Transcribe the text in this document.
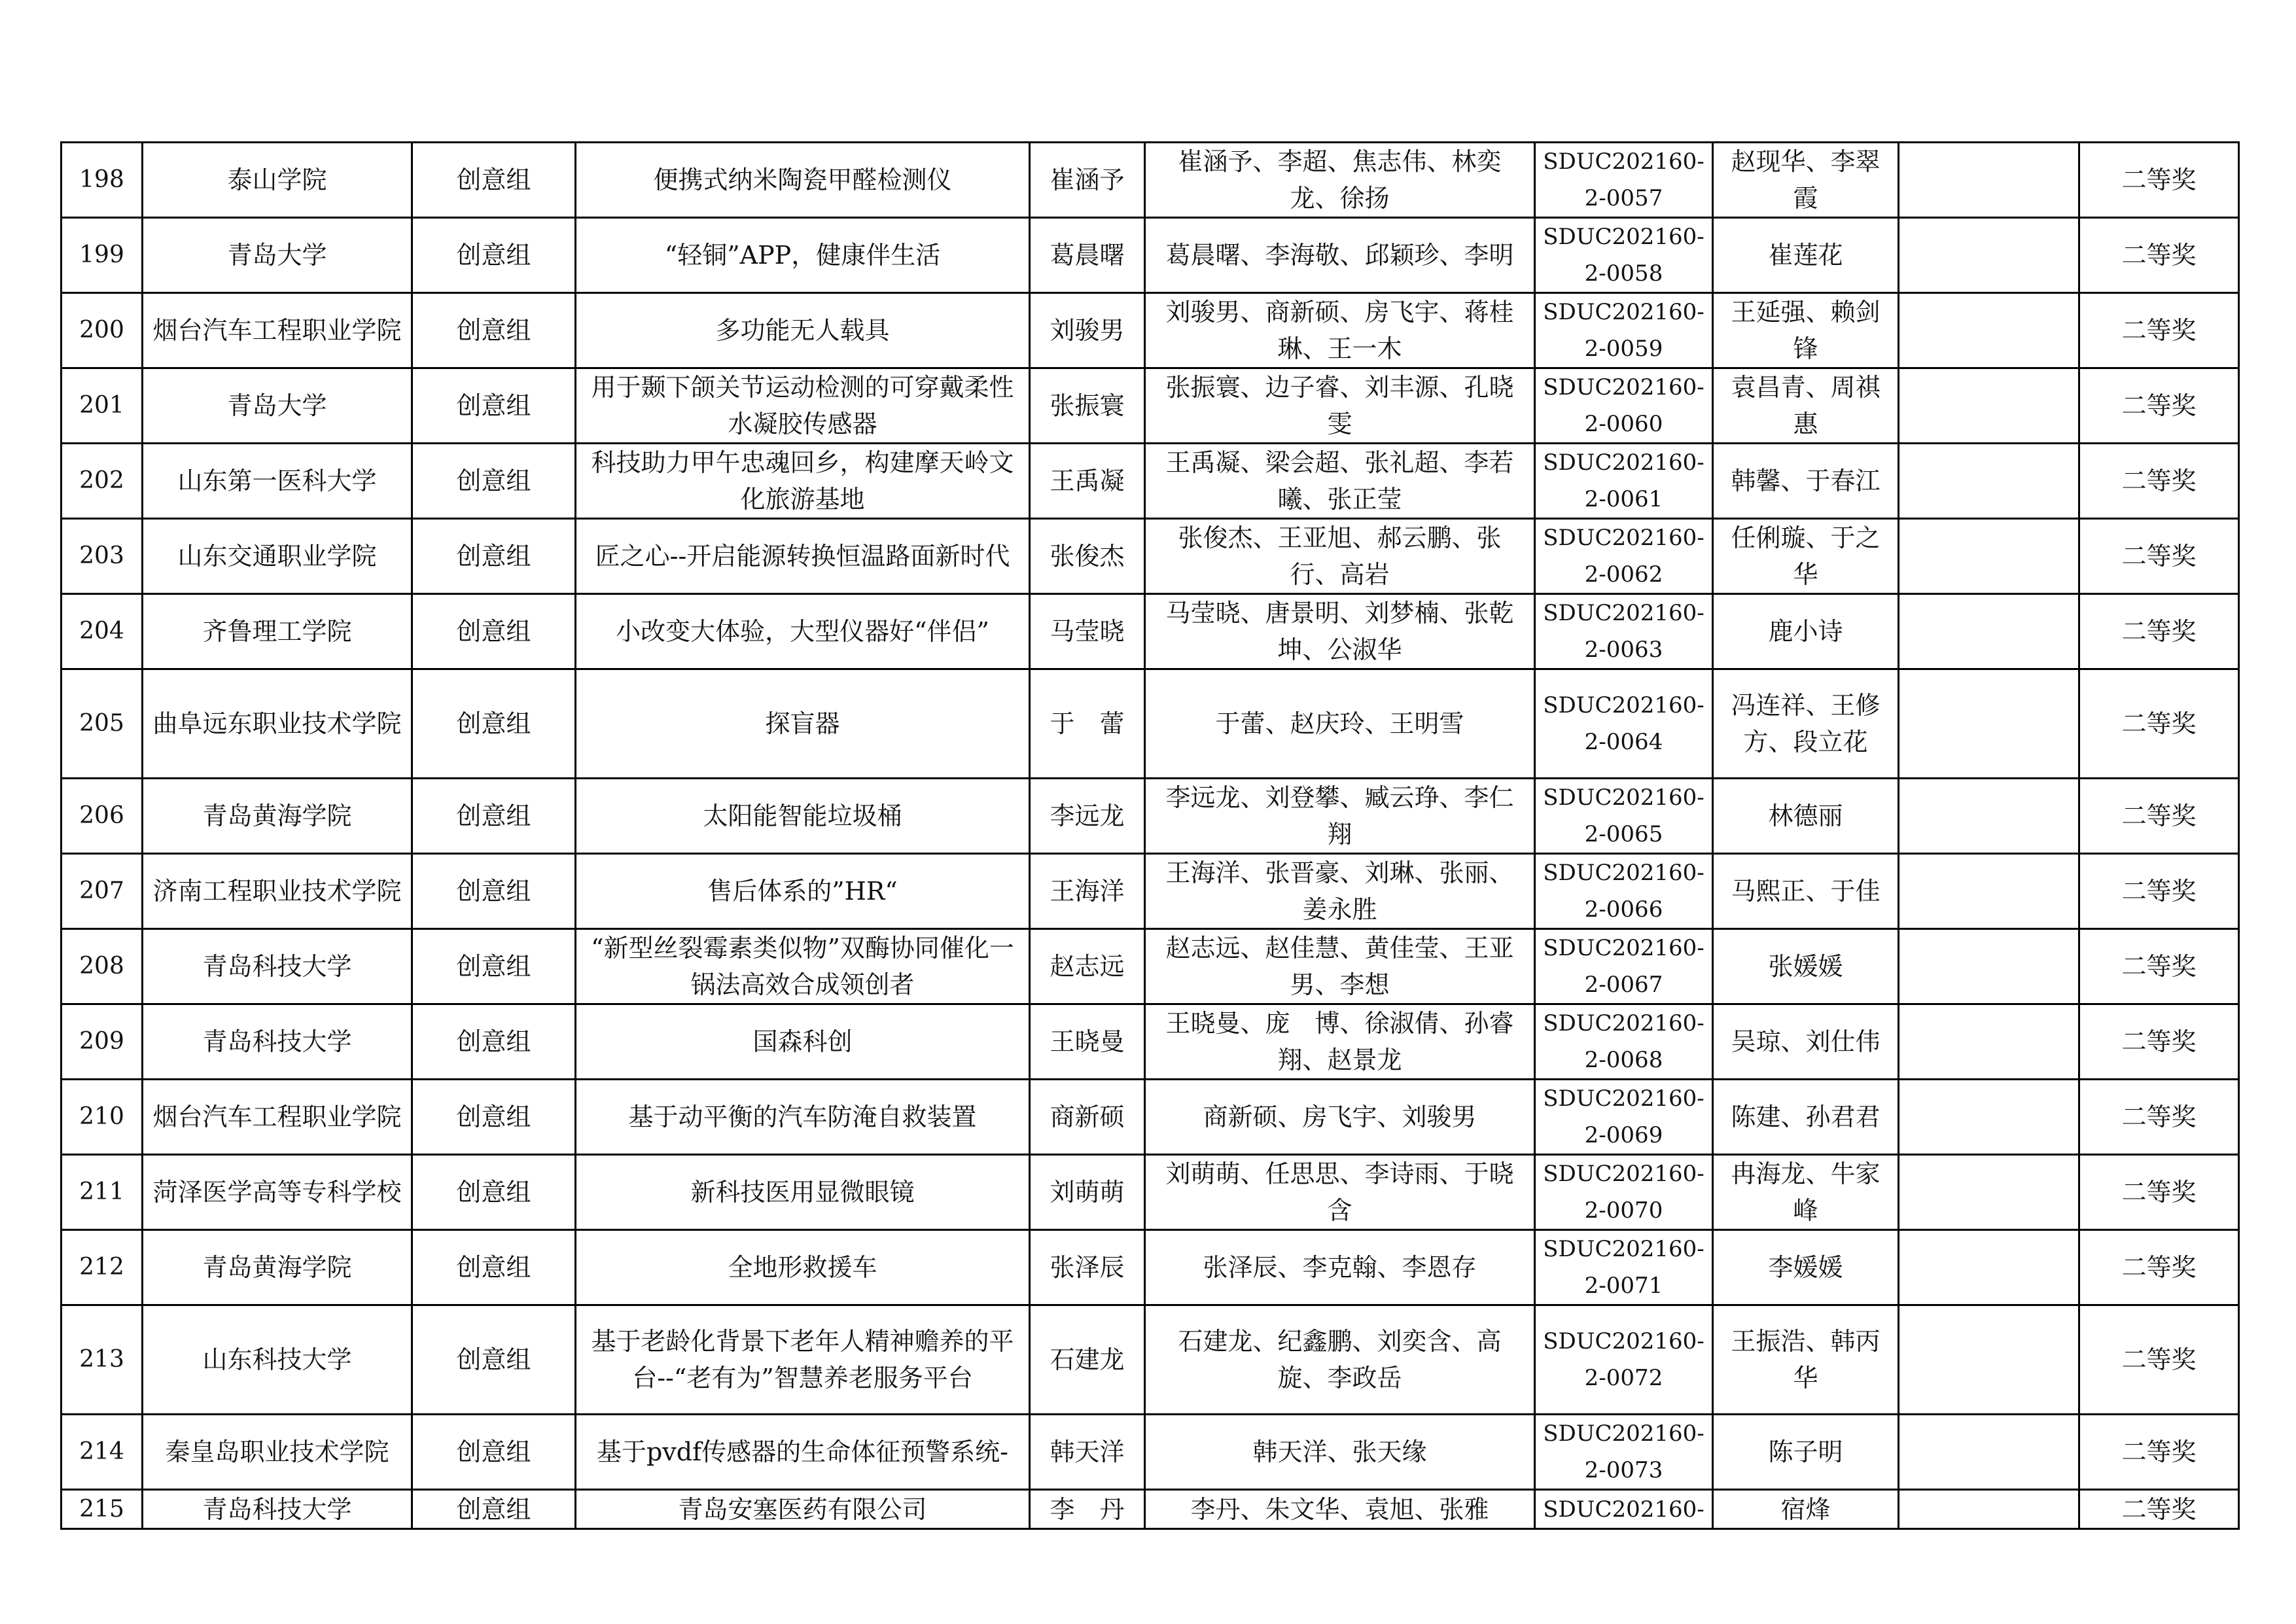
198	泰山学院	创意组	便携式纳米陶瓷甲醛检测仪	崔涵予	崔涵予、李超、焦志伟、林奕龙、徐扬	SDUC202160-2-0057	赵现华、李翠霞		二等奖
199	青岛大学	创意组	“轻铜”APP，健康伴生活	葛晨曙	葛晨曙、李海敬、邱颖珍、李明	SDUC202160-2-0058	崔莲花		二等奖
200	烟台汽车工程职业学院	创意组	多功能无人载具	刘骏男	刘骏男、商新硕、房飞宇、蒋桂琳、王一木	SDUC202160-2-0059	王延强、赖剑锋		二等奖
201	青岛大学	创意组	用于颞下颌关节运动检测的可穿戴柔性水凝胶传感器	张振寰	张振寰、边子睿、刘丰源、孔晓雯	SDUC202160-2-0060	袁昌青、周祺惠		二等奖
202	山东第一医科大学	创意组	科技助力甲午忠魂回乡，构建摩天岭文化旅游基地	王禹凝	王禹凝、梁会超、张礼超、李若曦、张正莹	SDUC202160-2-0061	韩馨、于春江		二等奖
203	山东交通职业学院	创意组	匠之心--开启能源转换恒温路面新时代	张俊杰	张俊杰、王亚旭、郝云鹏、张行、高岩	SDUC202160-2-0062	任俐璇、于之华		二等奖
204	齐鲁理工学院	创意组	小改变大体验，大型仪器好“伴侣”	马莹晓	马莹晓、唐景明、刘梦楠、张乾坤、公淑华	SDUC202160-2-0063	鹿小诗		二等奖
205	曲阜远东职业技术学院	创意组	探盲器	于　蕾	于蕾、赵庆玲、王明雪	SDUC202160-2-0064	冯连祥、王修方、段立花		二等奖
206	青岛黄海学院	创意组	太阳能智能垃圾桶	李远龙	李远龙、刘登攀、臧云琤、李仁翔	SDUC202160-2-0065	林德丽		二等奖
207	济南工程职业技术学院	创意组	售后体系的”HR“	王海洋	王海洋、张晋豪、刘琳、张丽、姜永胜	SDUC202160-2-0066	马熙正、于佳		二等奖
208	青岛科技大学	创意组	“新型丝裂霉素类似物”双酶协同催化一锅法高效合成领创者	赵志远	赵志远、赵佳慧、黄佳莹、王亚男、李想	SDUC202160-2-0067	张媛媛		二等奖
209	青岛科技大学	创意组	国森科创	王晓曼	王晓曼、庞　博、徐淑倩、孙睿翔、赵景龙	SDUC202160-2-0068	吴琼、刘仕伟		二等奖
210	烟台汽车工程职业学院	创意组	基于动平衡的汽车防淹自救装置	商新硕	商新硕、房飞宇、刘骏男	SDUC202160-2-0069	陈建、孙君君		二等奖
211	菏泽医学高等专科学校	创意组	新科技医用显微眼镜	刘萌萌	刘萌萌、任思思、李诗雨、于晓含	SDUC202160-2-0070	冉海龙、牛家峰		二等奖
212	青岛黄海学院	创意组	全地形救援车	张泽辰	张泽辰、李克翰、李恩存	SDUC202160-2-0071	李媛媛		二等奖
213	山东科技大学	创意组	基于老龄化背景下老年人精神赡养的平台--“老有为”智慧养老服务平台	石建龙	石建龙、纪鑫鹏、刘奕含、高旋、李政岳	SDUC202160-2-0072	王振浩、韩丙华		二等奖
214	秦皇岛职业技术学院	创意组	基于pvdf传感器的生命体征预警系统-	韩天洋	韩天洋、张天缘	SDUC202160-2-0073	陈子明		二等奖
215	青岛科技大学	创意组	青岛安塞医药有限公司	李　丹	李丹、朱文华、袁旭、张雅	SDUC202160-	宿烽		二等奖
